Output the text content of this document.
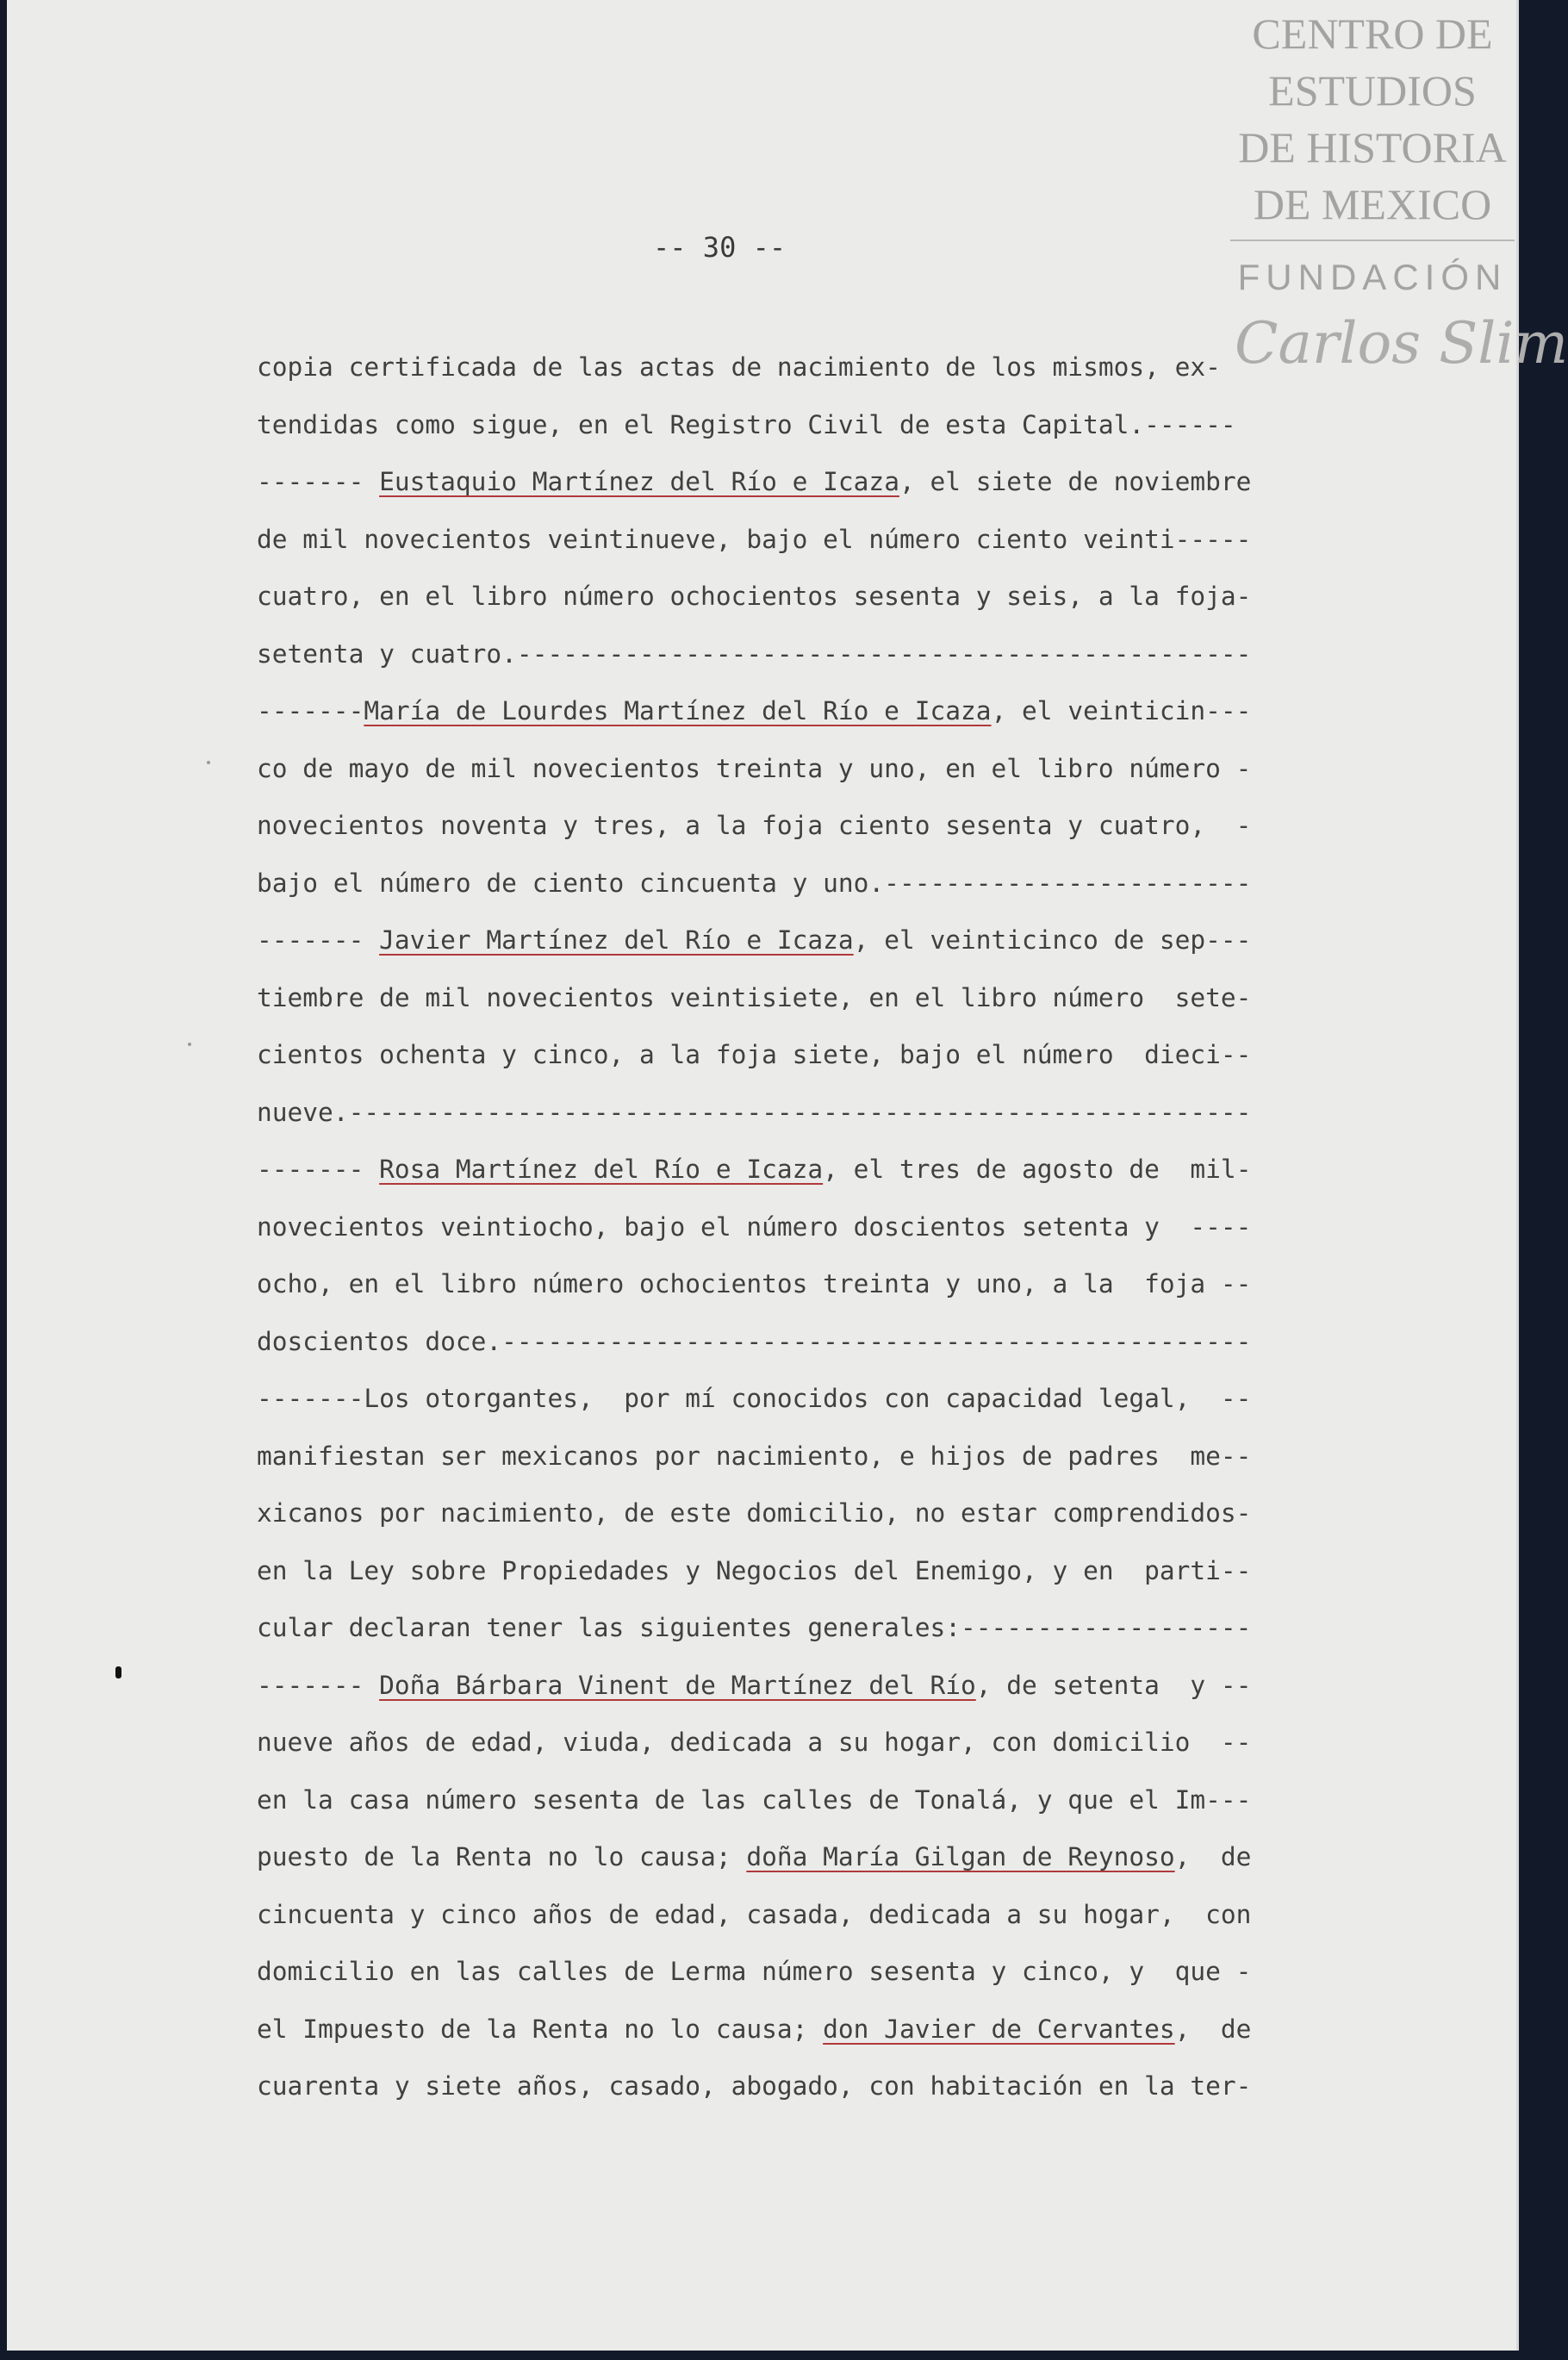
CENTRO DE
ESTUDIOS
DE HISTORIA
DE MEXICO
FUNDACIÓN
Carlos Slim
-- 30 --
copia certificada de las actas de nacimiento de los mismos, ex-
tendidas como sigue, en el Registro Civil de esta Capital.------
------- Eustaquio Martínez del Río e Icaza , el siete de noviembre
de mil novecientos veintinueve, bajo el número ciento veinti-----
cuatro, en el libro número ochocientos sesenta y seis, a la foja-
setenta y cuatro.------------------------------------------------
------- María de Lourdes Martínez del Río e Icaza , el veinticin---
co de mayo de mil novecientos treinta y uno, en el libro número -
novecientos noventa y tres, a la foja ciento sesenta y cuatro,  -
bajo el número de ciento cincuenta y uno.------------------------
------- Javier Martínez del Río e Icaza , el veinticinco de sep---
tiembre de mil novecientos veintisiete, en el libro número  sete-
cientos ochenta y cinco, a la foja siete, bajo el número  dieci--
nueve.-----------------------------------------------------------
------- Rosa Martínez del Río e Icaza , el tres de agosto de  mil-
novecientos veintiocho, bajo el número doscientos setenta y  ----
ocho, en el libro número ochocientos treinta y uno, a la  foja --
doscientos doce.-------------------------------------------------
-------Los otorgantes,  por mí conocidos con capacidad legal,  --
manifiestan ser mexicanos por nacimiento, e hijos de padres  me--
xicanos por nacimiento, de este domicilio, no estar comprendidos-
en la Ley sobre Propiedades y Negocios del Enemigo, y en  parti--
cular declaran tener las siguientes generales:-------------------
------- Doña Bárbara Vinent de Martínez del Río , de setenta  y --
nueve años de edad, viuda, dedicada a su hogar, con domicilio  --
en la casa número sesenta de las calles de Tonalá, y que el Im---
puesto de la Renta no lo causa; doña María Gilgan de Reynoso ,  de
cincuenta y cinco años de edad, casada, dedicada a su hogar,  con
domicilio en las calles de Lerma número sesenta y cinco, y  que -
el Impuesto de la Renta no lo causa; don Javier de Cervantes ,  de
cuarenta y siete años, casado, abogado, con habitación en la ter-
